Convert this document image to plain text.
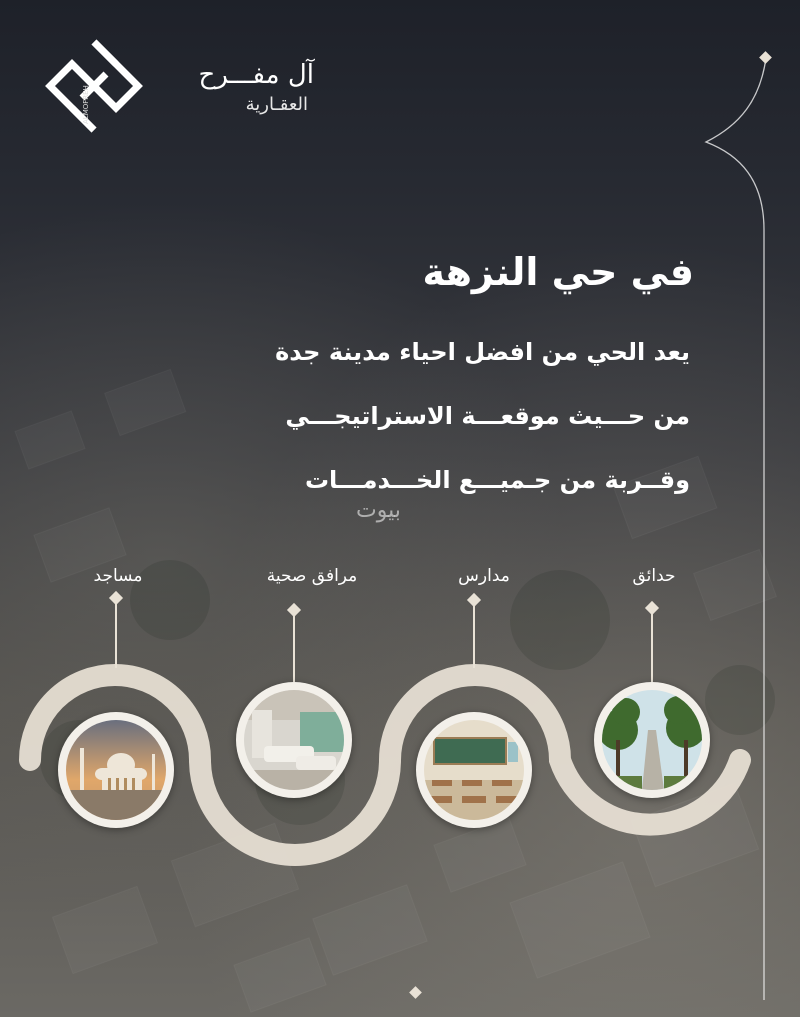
ALMOFREH
آل مفـــرح
العقـارية
في حي النزهة
يعد الحي من افضل احياء مدينة جدة
من حـــيث موقعـــة الاستراتيجـــي
وقــربة من جـميـــع الخـــدمـــات
بيوت
مساجد	مرافق صحية	مدارس	حدائق
